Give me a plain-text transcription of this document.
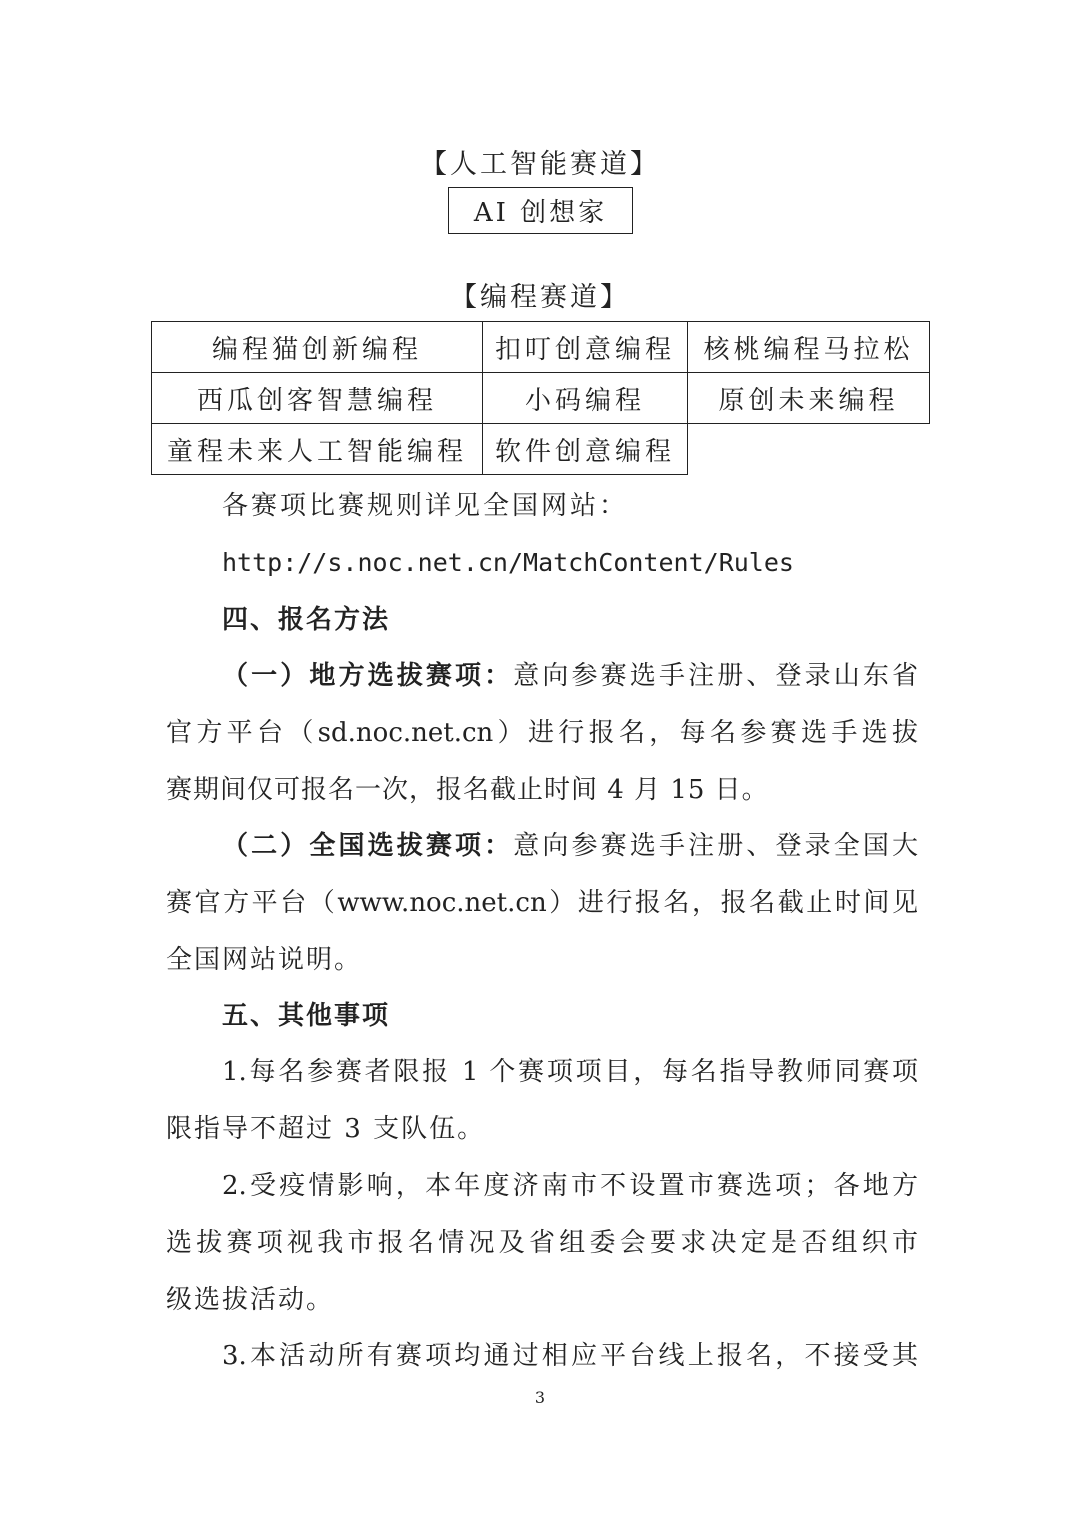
【人工智能赛道】
AI 创想家
【编程赛道】
编程猫创新编程	扣叮创意编程	核桃编程马拉松
西瓜创客智慧编程	小码编程	原创未来编程
童程未来人工智能编程	软件创意编程	
各赛项比赛规则详见全国网站：
http://s.noc.net.cn/MatchContent/Rules
四、报名方法
（一）地方选拔赛项：意向参赛选手注册、登录山东省
官方平台（sd.noc.net.cn）进行报名，每名参赛选手选拔
赛期间仅可报名一次，报名截止时间 4 月 15 日。
（二）全国选拔赛项：意向参赛选手注册、登录全国大
赛官方平台（www.noc.net.cn）进行报名，报名截止时间见
全国网站说明。
五、其他事项
1.每名参赛者限报 1 个赛项项目，每名指导教师同赛项
限指导不超过 3 支队伍。
2.受疫情影响，本年度济南市不设置市赛选项；各地方
选拔赛项视我市报名情况及省组委会要求决定是否组织市
级选拔活动。
3.本活动所有赛项均通过相应平台线上报名，不接受其
3
